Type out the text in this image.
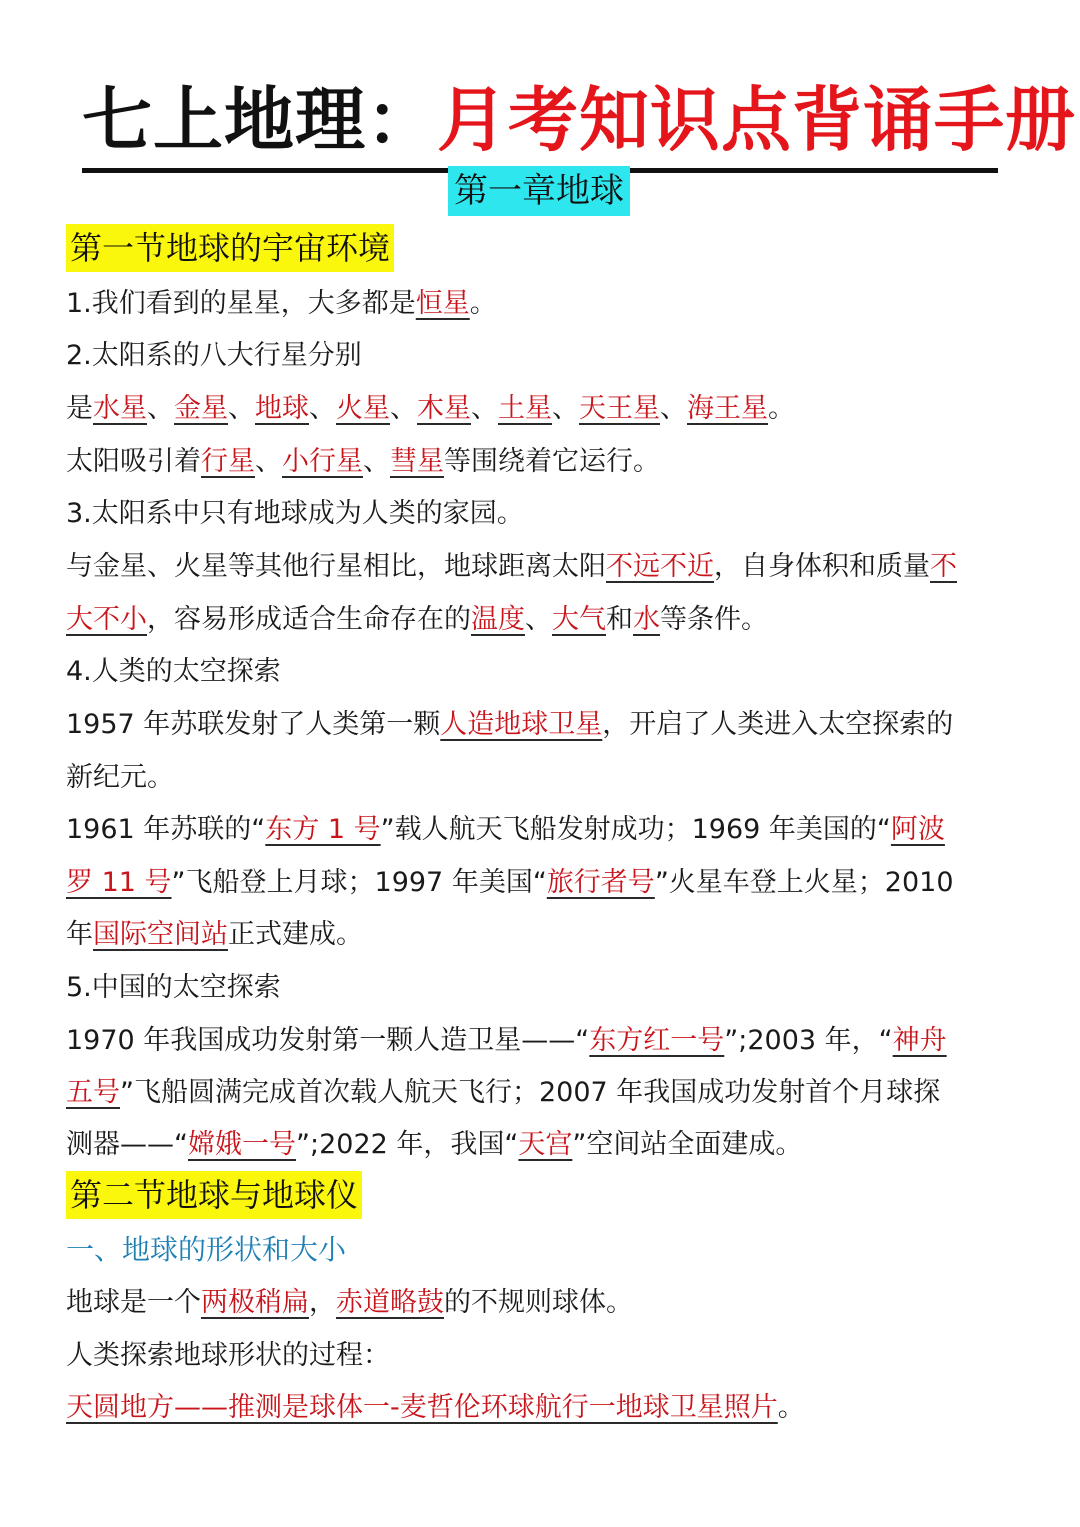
七上地理：月考知识点背诵手册
第一章地球
第一节地球的宇宙环境
1.我们看到的星星，大多都是恒星。
2.太阳系的八大行星分别
是水星、金星、地球、火星、木星、土星、天王星、海王星。
太阳吸引着行星、小行星、彗星等围绕着它运行。
3.太阳系中只有地球成为人类的家园。
与金星、火星等其他行星相比，地球距离太阳不远不近，自身体积和质量不
大不小，容易形成适合生命存在的温度、大气和水等条件。
4.人类的太空探索
1957 年苏联发射了人类第一颗人造地球卫星，开启了人类进入太空探索的
新纪元。
1961 年苏联的“东方 1 号”载人航天飞船发射成功；1969 年美国的“阿波
罗 11 号”飞船登上月球；1997 年美国“旅行者号”火星车登上火星；2010
年国际空间站正式建成。
5.中国的太空探索
1970 年我国成功发射第一颗人造卫星——“东方红一号”;2003 年，“神舟
五号”飞船圆满完成首次载人航天飞行；2007 年我国成功发射首个月球探
测器——“嫦娥一号”;2022 年，我国“天宫”空间站全面建成。
第二节地球与地球仪
一、地球的形状和大小
地球是一个两极稍扁，赤道略鼓的不规则球体。
人类探索地球形状的过程：
天圆地方——推测是球体一-麦哲伦环球航行一地球卫星照片。
